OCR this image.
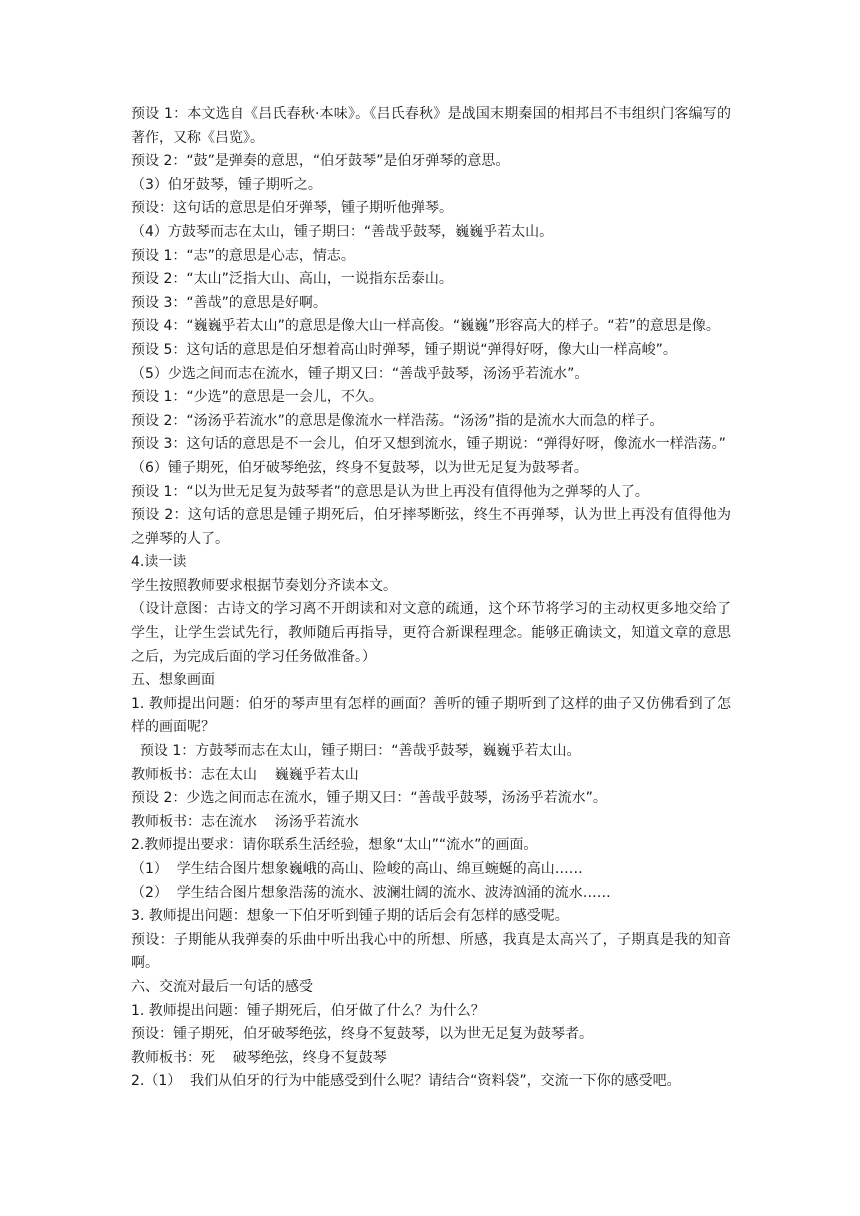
预设 1：本文选自《吕氏春秋·本味》。《吕氏春秋》是战国末期秦国的相邦吕不韦组织门客编写的著作，又称《吕览》。

预设 2：“鼓”是弹奏的意思，“伯牙鼓琴”是伯牙弹琴的意思。

（3）伯牙鼓琴，锺子期听之。

预设：这句话的意思是伯牙弹琴，锺子期听他弹琴。

（4）方鼓琴而志在太山，锺子期曰：“善哉乎鼓琴，巍巍乎若太山。

预设 1：“志”的意思是心志，情志。

预设 2：“太山”泛指大山、高山，一说指东岳泰山。

预设 3：“善哉”的意思是好啊。

预设 4：“巍巍乎若太山”的意思是像大山一样高俊。“巍巍”形容高大的样子。“若”的意思是像。

预设 5：这句话的意思是伯牙想着高山时弹琴，锺子期说“弹得好呀，像大山一样高峻”。

（5）少选之间而志在流水，锺子期又曰：“善哉乎鼓琴，汤汤乎若流水”。

预设 1：“少选”的意思是一会儿，不久。

预设 2：“汤汤乎若流水”的意思是像流水一样浩荡。“汤汤”指的是流水大而急的样子。

预设 3：这句话的意思是不一会儿，伯牙又想到流水，锺子期说：“弹得好呀，像流水一样浩荡。”

（6）锺子期死，伯牙破琴绝弦，终身不复鼓琴，以为世无足复为鼓琴者。

预设 1：“以为世无足复为鼓琴者”的意思是认为世上再没有值得他为之弹琴的人了。

预设 2：这句话的意思是锺子期死后，伯牙摔琴断弦，终生不再弹琴，认为世上再没有值得他为之弹琴的人了。

4.读一读

学生按照教师要求根据节奏划分齐读本文。

（设计意图：古诗文的学习离不开朗读和对文意的疏通，这个环节将学习的主动权更多地交给了学生，让学生尝试先行，教师随后再指导，更符合新课程理念。能够正确读文，知道文章的意思之后，为完成后面的学习任务做准备。）

五、想象画面

1. 教师提出问题：伯牙的琴声里有怎样的画面？善听的锺子期听到了这样的曲子又仿佛看到了怎样的画面呢？

预设 1：方鼓琴而志在太山，锺子期曰：“善哉乎鼓琴，巍巍乎若太山。

教师板书：志在太山    巍巍乎若太山

预设 2：少选之间而志在流水，锺子期又曰：“善哉乎鼓琴，汤汤乎若流水”。

教师板书：志在流水    汤汤乎若流水

2.教师提出要求：请你联系生活经验，想象“太山”“流水”的画面。

（1）  学生结合图片想象巍峨的高山、险峻的高山、绵亘蜿蜒的高山……

（2）  学生结合图片想象浩荡的流水、波澜壮阔的流水、波涛汹涌的流水……

3. 教师提出问题：想象一下伯牙听到锺子期的话后会有怎样的感受呢。

预设：子期能从我弹奏的乐曲中听出我心中的所想、所感，我真是太高兴了，子期真是我的知音啊。

六、交流对最后一句话的感受

1. 教师提出问题：锺子期死后，伯牙做了什么？为什么？

预设：锺子期死，伯牙破琴绝弦，终身不复鼓琴，以为世无足复为鼓琴者。

教师板书：死    破琴绝弦，终身不复鼓琴

2.（1）  我们从伯牙的行为中能感受到什么呢？请结合“资料袋”，交流一下你的感受吧。
